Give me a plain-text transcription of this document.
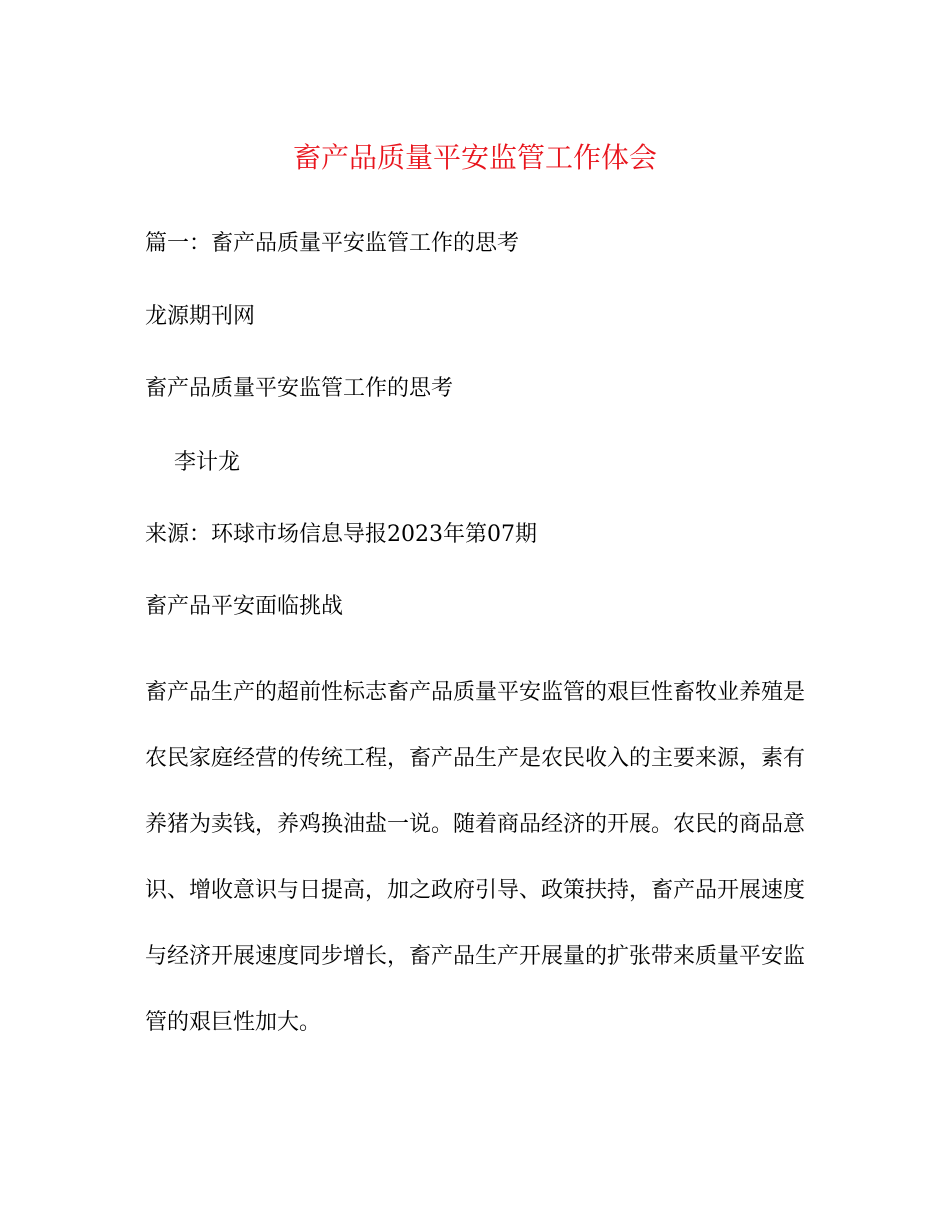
畜产品质量平安监管工作体会

篇一：畜产品质量平安监管工作的思考

龙源期刊网

畜产品质量平安监管工作的思考

李计龙

来源：环球市场信息导报2023年第07期

畜产品平安面临挑战

畜产品生产的超前性标志畜产品质量平安监管的艰巨性畜牧业养殖是
农民家庭经营的传统工程，畜产品生产是农民收入的主要来源，素有
养猪为卖钱，养鸡换油盐一说。随着商品经济的开展。农民的商品意
识、增收意识与日提高，加之政府引导、政策扶持，畜产品开展速度
与经济开展速度同步增长，畜产品生产开展量的扩张带来质量平安监
管的艰巨性加大。
